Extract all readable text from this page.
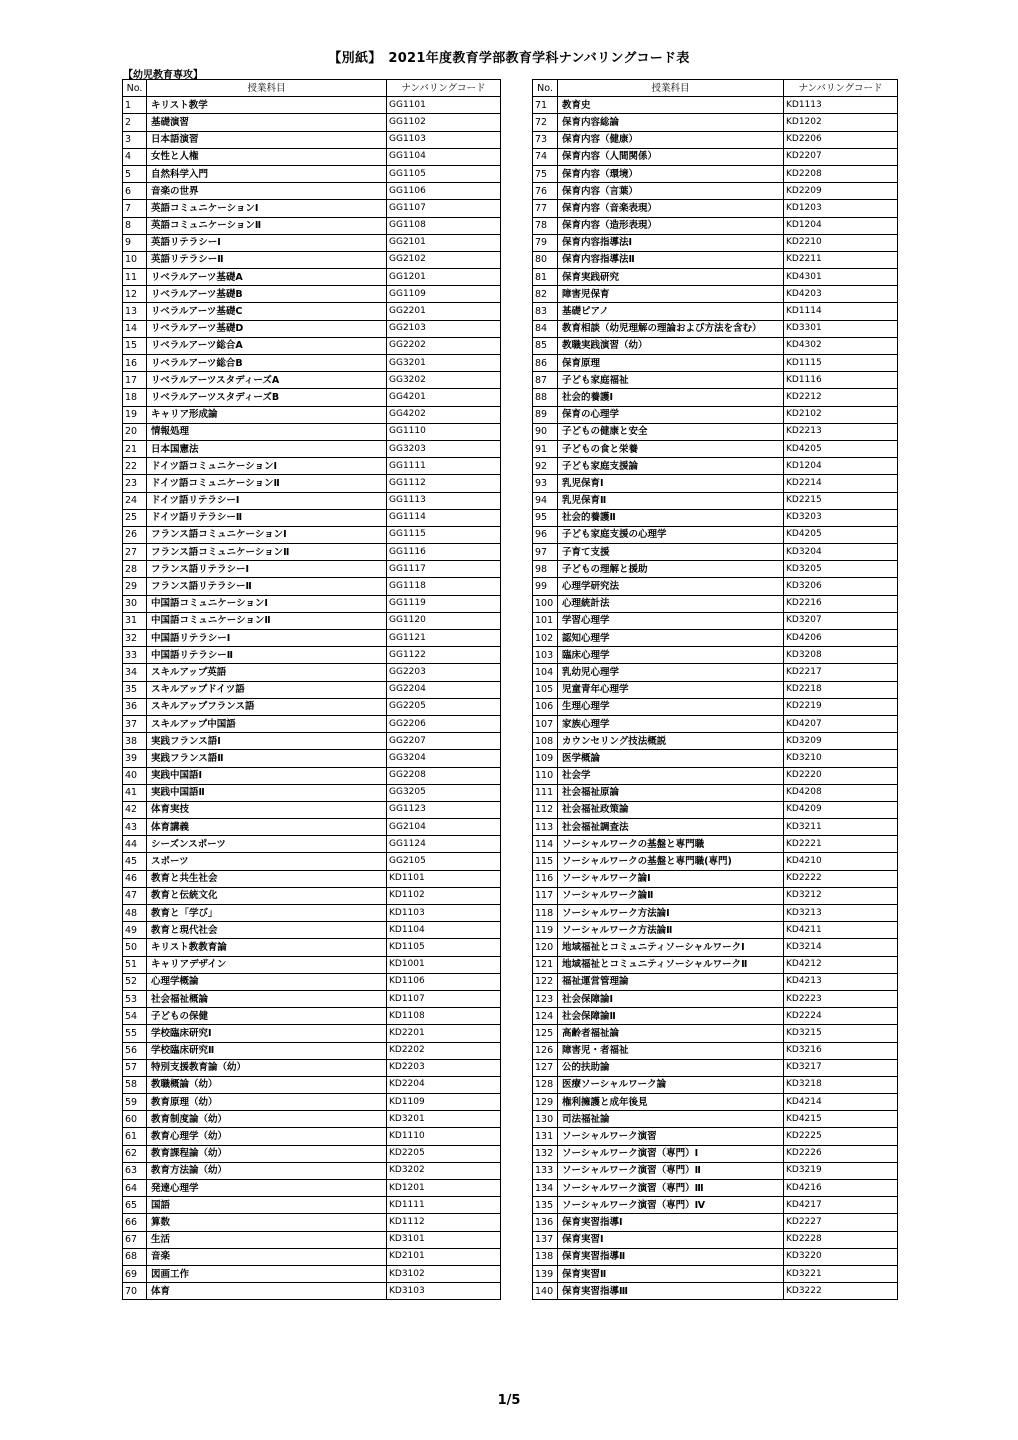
【別紙】　2021年度教育学部教育学科ナンバリングコード表
【幼児教育専攻】
No.	授業科目	ナンバリングコード
1	キリスト教学	GG1101
2	基礎演習	GG1102
3	日本語演習	GG1103
4	女性と人権	GG1104
5	自然科学入門	GG1105
6	音楽の世界	GG1106
7	英語コミュニケーションⅠ	GG1107
8	英語コミュニケーションⅡ	GG1108
9	英語リテラシーⅠ	GG2101
10	英語リテラシーⅡ	GG2102
11	リベラルアーツ基礎A	GG1201
12	リベラルアーツ基礎B	GG1109
13	リベラルアーツ基礎C	GG2201
14	リベラルアーツ基礎D	GG2103
15	リベラルアーツ総合A	GG2202
16	リベラルアーツ総合B	GG3201
17	リベラルアーツスタディーズA	GG3202
18	リベラルアーツスタディーズB	GG4201
19	キャリア形成論	GG4202
20	情報処理	GG1110
21	日本国憲法	GG3203
22	ドイツ語コミュニケーションⅠ	GG1111
23	ドイツ語コミュニケーションⅡ	GG1112
24	ドイツ語リテラシーⅠ	GG1113
25	ドイツ語リテラシーⅡ	GG1114
26	フランス語コミュニケーションⅠ	GG1115
27	フランス語コミュニケーションⅡ	GG1116
28	フランス語リテラシーⅠ	GG1117
29	フランス語リテラシーⅡ	GG1118
30	中国語コミュニケーションⅠ	GG1119
31	中国語コミュニケーションⅡ	GG1120
32	中国語リテラシーⅠ	GG1121
33	中国語リテラシーⅡ	GG1122
34	スキルアップ英語	GG2203
35	スキルアップドイツ語	GG2204
36	スキルアップフランス語	GG2205
37	スキルアップ中国語	GG2206
38	実践フランス語Ⅰ	GG2207
39	実践フランス語Ⅱ	GG3204
40	実践中国語Ⅰ	GG2208
41	実践中国語Ⅱ	GG3205
42	体育実技	GG1123
43	体育講義	GG2104
44	シーズンスポーツ	GG1124
45	スポーツ	GG2105
46	教育と共生社会	KD1101
47	教育と伝統文化	KD1102
48	教育と「学び」	KD1103
49	教育と現代社会	KD1104
50	キリスト教教育論	KD1105
51	キャリアデザイン	KD1001
52	心理学概論	KD1106
53	社会福祉概論	KD1107
54	子どもの保健	KD1108
55	学校臨床研究Ⅰ	KD2201
56	学校臨床研究Ⅱ	KD2202
57	特別支援教育論（幼）	KD2203
58	教職概論（幼）	KD2204
59	教育原理（幼）	KD1109
60	教育制度論（幼）	KD3201
61	教育心理学（幼）	KD1110
62	教育課程論（幼）	KD2205
63	教育方法論（幼）	KD3202
64	発達心理学	KD1201
65	国語	KD1111
66	算数	KD1112
67	生活	KD3101
68	音楽	KD2101
69	図画工作	KD3102
70	体育	KD3103
No.	授業科目	ナンバリングコード
71	教育史	KD1113
72	保育内容総論	KD1202
73	保育内容（健康）	KD2206
74	保育内容（人間関係）	KD2207
75	保育内容（環境）	KD2208
76	保育内容（言葉）	KD2209
77	保育内容（音楽表現）	KD1203
78	保育内容（造形表現）	KD1204
79	保育内容指導法Ⅰ	KD2210
80	保育内容指導法Ⅱ	KD2211
81	保育実践研究	KD4301
82	障害児保育	KD4203
83	基礎ピアノ	KD1114
84	教育相談（幼児理解の理論および方法を含む）	KD3301
85	教職実践演習（幼）	KD4302
86	保育原理	KD1115
87	子ども家庭福祉	KD1116
88	社会的養護Ⅰ	KD2212
89	保育の心理学	KD2102
90	子どもの健康と安全	KD2213
91	子どもの食と栄養	KD4205
92	子ども家庭支援論	KD1204
93	乳児保育Ⅰ	KD2214
94	乳児保育Ⅱ	KD2215
95	社会的養護Ⅱ	KD3203
96	子ども家庭支援の心理学	KD4205
97	子育て支援	KD3204
98	子どもの理解と援助	KD3205
99	心理学研究法	KD3206
100	心理統計法	KD2216
101	学習心理学	KD3207
102	認知心理学	KD4206
103	臨床心理学	KD3208
104	乳幼児心理学	KD2217
105	児童青年心理学	KD2218
106	生理心理学	KD2219
107	家族心理学	KD4207
108	カウンセリング技法概説	KD3209
109	医学概論	KD3210
110	社会学	KD2220
111	社会福祉原論	KD4208
112	社会福祉政策論	KD4209
113	社会福祉調査法	KD3211
114	ソーシャルワークの基盤と専門職	KD2221
115	ソーシャルワークの基盤と専門職(専門)	KD4210
116	ソーシャルワーク論Ⅰ	KD2222
117	ソーシャルワーク論Ⅱ	KD3212
118	ソーシャルワーク方法論Ⅰ	KD3213
119	ソーシャルワーク方法論Ⅱ	KD4211
120	地域福祉とコミュニティソーシャルワークⅠ	KD3214
121	地域福祉とコミュニティソーシャルワークⅡ	KD4212
122	福祉運営管理論	KD4213
123	社会保障論Ⅰ	KD2223
124	社会保障論Ⅱ	KD2224
125	高齢者福祉論	KD3215
126	障害児・者福祉	KD3216
127	公的扶助論	KD3217
128	医療ソーシャルワーク論	KD3218
129	権利擁護と成年後見	KD4214
130	司法福祉論	KD4215
131	ソーシャルワーク演習	KD2225
132	ソーシャルワーク演習（専門）Ⅰ	KD2226
133	ソーシャルワーク演習（専門）Ⅱ	KD3219
134	ソーシャルワーク演習（専門）Ⅲ	KD4216
135	ソーシャルワーク演習（専門）Ⅳ	KD4217
136	保育実習指導Ⅰ	KD2227
137	保育実習Ⅰ	KD2228
138	保育実習指導Ⅱ	KD3220
139	保育実習Ⅱ	KD3221
140	保育実習指導Ⅲ	KD3222
1/5
